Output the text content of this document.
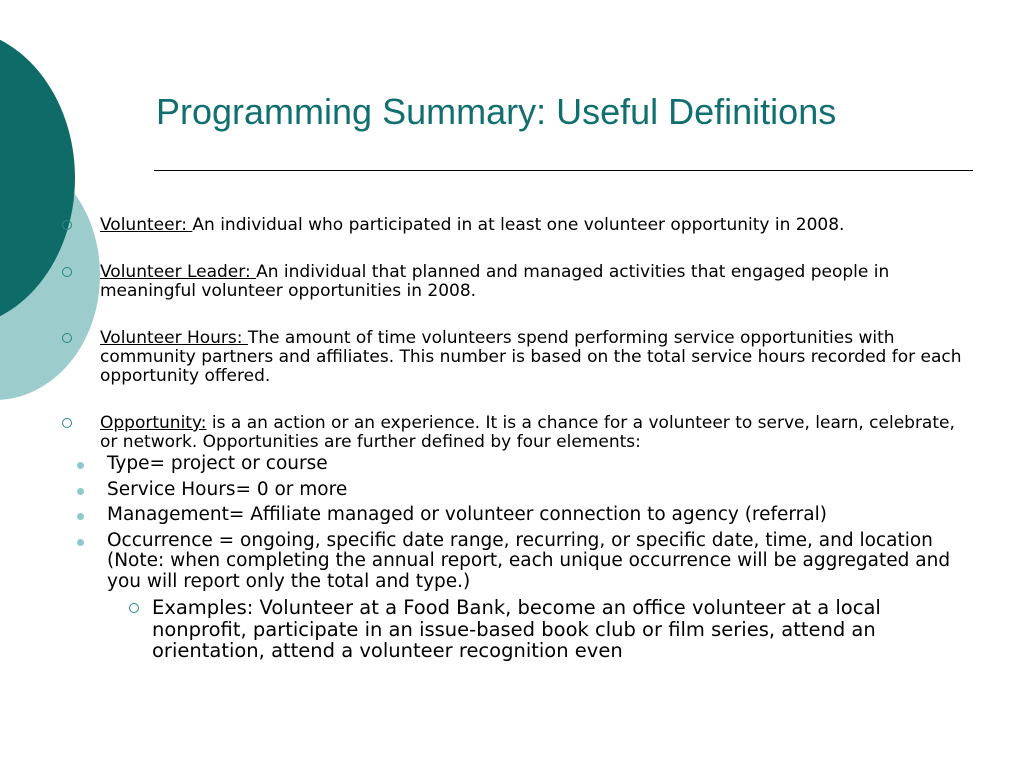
Programming Summary: Useful Definitions
Volunteer: An individual who participated in at least one volunteer opportunity in 2008.
Volunteer Leader: An individual that planned and managed activities that engaged people in meaningful volunteer opportunities in 2008.
Volunteer Hours: The amount of time volunteers spend performing service opportunities with community partners and affiliates. This number is based on the total service hours recorded for each opportunity offered.
Opportunity: is a an action or an experience. It is a chance for a volunteer to serve, learn, celebrate, or network. Opportunities are further defined by four elements:
Type= project or course
Service Hours= 0 or more
Management= Affiliate managed or volunteer connection to agency (referral)
Occurrence = ongoing, specific date range, recurring, or specific date, time, and location (Note: when completing the annual report, each unique occurrence will be aggregated and you will report only the total and type.)
Examples: Volunteer at a Food Bank, become an office volunteer at a local nonprofit, participate in an issue-based book club or film series, attend an orientation, attend a volunteer recognition even
